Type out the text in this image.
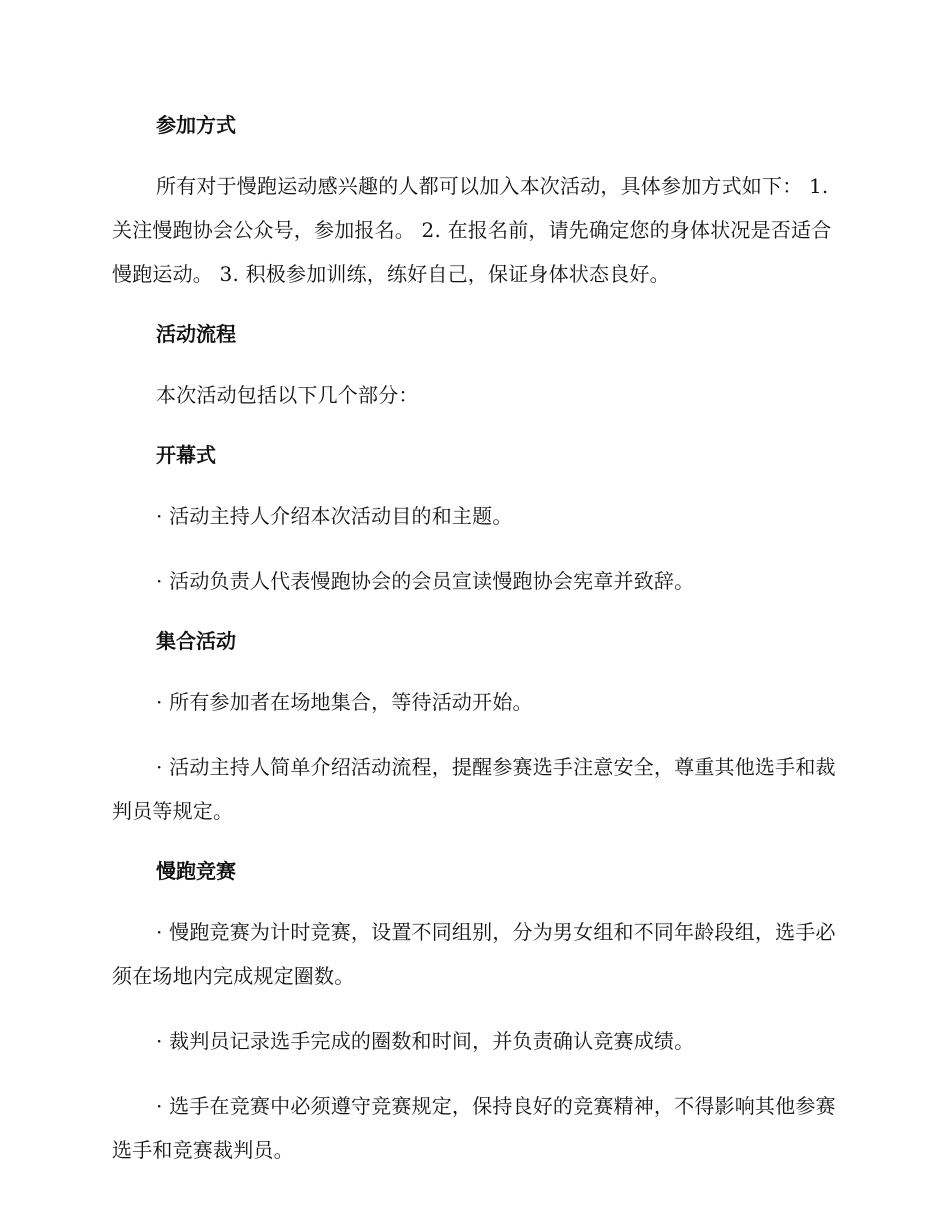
参加方式

所有对于慢跑运动感兴趣的人都可以加入本次活动，具体参加方式如下： 1. 关注慢跑协会公众号，参加报名。 2. 在报名前，请先确定您的身体状况是否适合慢跑运动。 3. 积极参加训练，练好自己，保证身体状态良好。

活动流程

本次活动包括以下几个部分：

开幕式

· 活动主持人介绍本次活动目的和主题。

· 活动负责人代表慢跑协会的会员宣读慢跑协会宪章并致辞。

集合活动

· 所有参加者在场地集合，等待活动开始。

· 活动主持人简单介绍活动流程，提醒参赛选手注意安全，尊重其他选手和裁判员等规定。

慢跑竞赛

· 慢跑竞赛为计时竞赛，设置不同组别，分为男女组和不同年龄段组，选手必须在场地内完成规定圈数。

· 裁判员记录选手完成的圈数和时间，并负责确认竞赛成绩。

· 选手在竞赛中必须遵守竞赛规定，保持良好的竞赛精神，不得影响其他参赛选手和竞赛裁判员。
